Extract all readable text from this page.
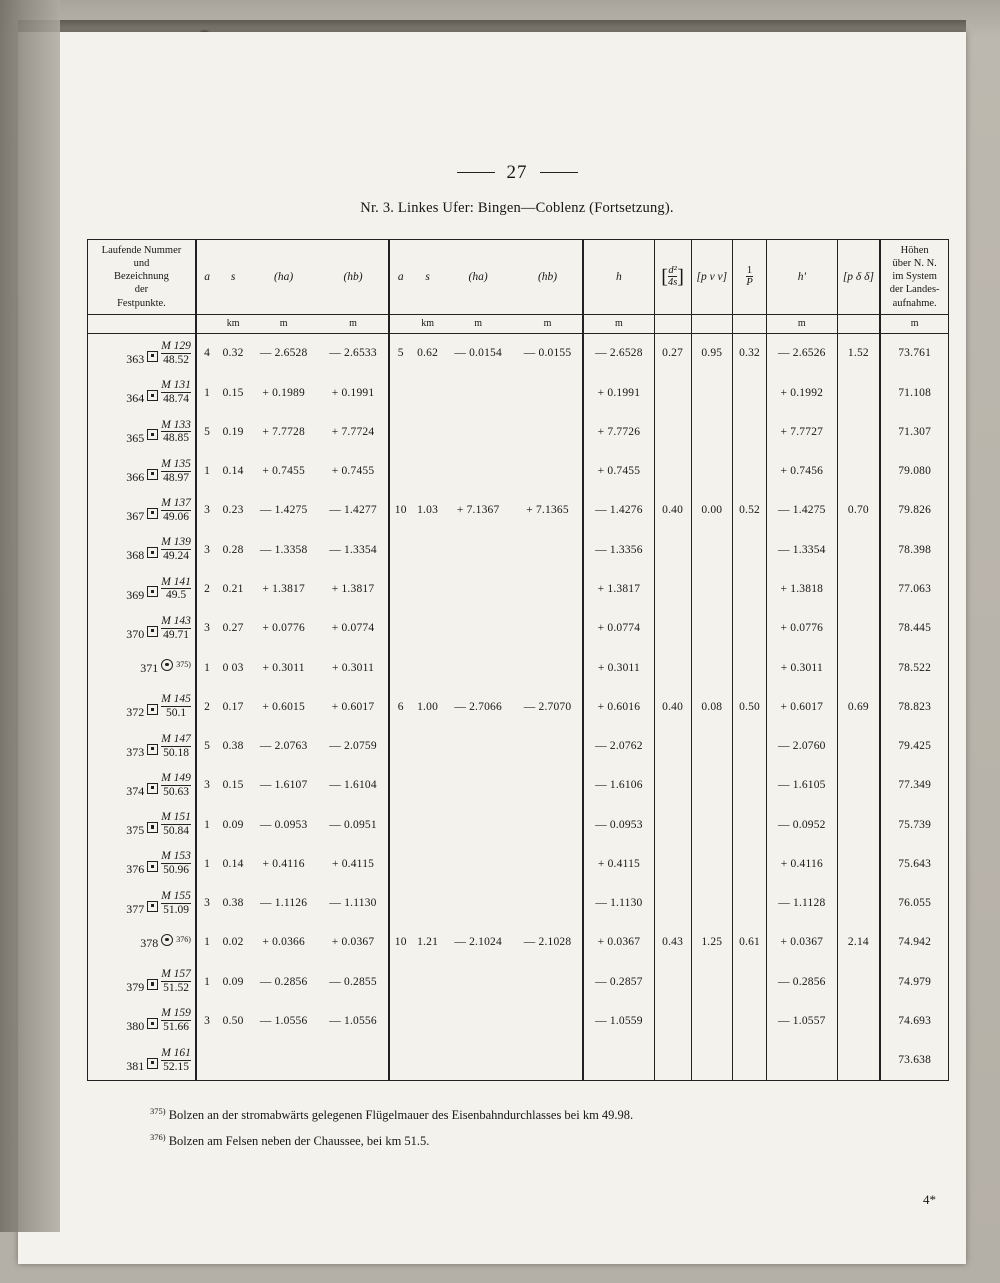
27
Nr. 3. Linkes Ufer: Bingen—Coblenz (Fortsetzung).
Laufende Nummer
und
Bezeichnung
der
Festpunkte.
	a	s	(ha)	(hb)	a	s	(ha)	(hb)	h	[ $\frac{\text{d²}}{4s}$ ]	[p v v]	$\frac{1}{P}$	h'	[p δ δ]	
Höhen
über N. N.
im System
der Landes-
aufnahme.

		km	m	m		km	m	m	m				m		m
$363 \frac{M 129}{48.52}$	4	0.32	— 2.6528	— 2.6533	5	0.62	— 0.0154	— 0.0155	— 2.6528	0.27	0.95	0.32	— 2.6526	1.52	73.761
$364 \frac{M 131}{48.74}$	1	0.15	+ 0.1989	+ 0.1991					+ 0.1991				+ 0.1992		71.108
$365 \frac{M 133}{48.85}$	5	0.19	+ 7.7728	+ 7.7724					+ 7.7726				+ 7.7727		71.307
$366 \frac{M 135}{48.97}$	1	0.14	+ 0.7455	+ 0.7455					+ 0.7455				+ 0.7456		79.080
$367 \frac{M 137}{49.06}$	3	0.23	— 1.4275	— 1.4277	10	1.03	+ 7.1367	+ 7.1365	— 1.4276	0.40	0.00	0.52	— 1.4275	0.70	79.826
$368 \frac{M 139}{49.24}$	3	0.28	— 1.3358	— 1.3354					— 1.3356				— 1.3354		78.398
$369 \frac{M 141}{49.5}$	2	0.21	+ 1.3817	+ 1.3817					+ 1.3817				+ 1.3818		77.063
$370 \frac{M 143}{49.71}$	3	0.27	+ 0.0776	+ 0.0774					+ 0.0774				+ 0.0776		78.445
371 $^{375)}$	1	0 03	+ 0.3011	+ 0.3011					+ 0.3011				+ 0.3011		78.522
$372 \frac{M 145}{50.1}$	2	0.17	+ 0.6015	+ 0.6017	6	1.00	— 2.7066	— 2.7070	+ 0.6016	0.40	0.08	0.50	+ 0.6017	0.69	78.823
$373 \frac{M 147}{50.18}$	5	0.38	— 2.0763	— 2.0759					— 2.0762				— 2.0760		79.425
$374 \frac{M 149}{50.63}$	3	0.15	— 1.6107	— 1.6104					— 1.6106				— 1.6105		77.349
$375 \frac{M 151}{50.84}$	1	0.09	— 0.0953	— 0.0951					— 0.0953				— 0.0952		75.739
$376 \frac{M 153}{50.96}$	1	0.14	+ 0.4116	+ 0.4115					+ 0.4115				+ 0.4116		75.643
$377 \frac{M 155}{51.09}$	3	0.38	— 1.1126	— 1.1130					— 1.1130				— 1.1128		76.055
378 $^{376)}$	1	0.02	+ 0.0366	+ 0.0367	10	1.21	— 2.1024	— 2.1028	+ 0.0367	0.43	1.25	0.61	+ 0.0367	2.14	74.942
$379 \frac{M 157}{51.52}$	1	0.09	— 0.2856	— 0.2855					— 0.2857				— 0.2856		74.979
$380 \frac{M 159}{51.66}$	3	0.50	— 1.0556	— 1.0556					— 1.0559				— 1.0557		74.693
$381 \frac{M 161}{52.15}$															73.638
$^{375)}$ Bolzen an der stromabwärts gelegenen Flügelmauer des Eisenbahndurchlasses bei km 49.98.
$^{376)}$ Bolzen am Felsen neben der Chaussee, bei km 51.5.
4*
